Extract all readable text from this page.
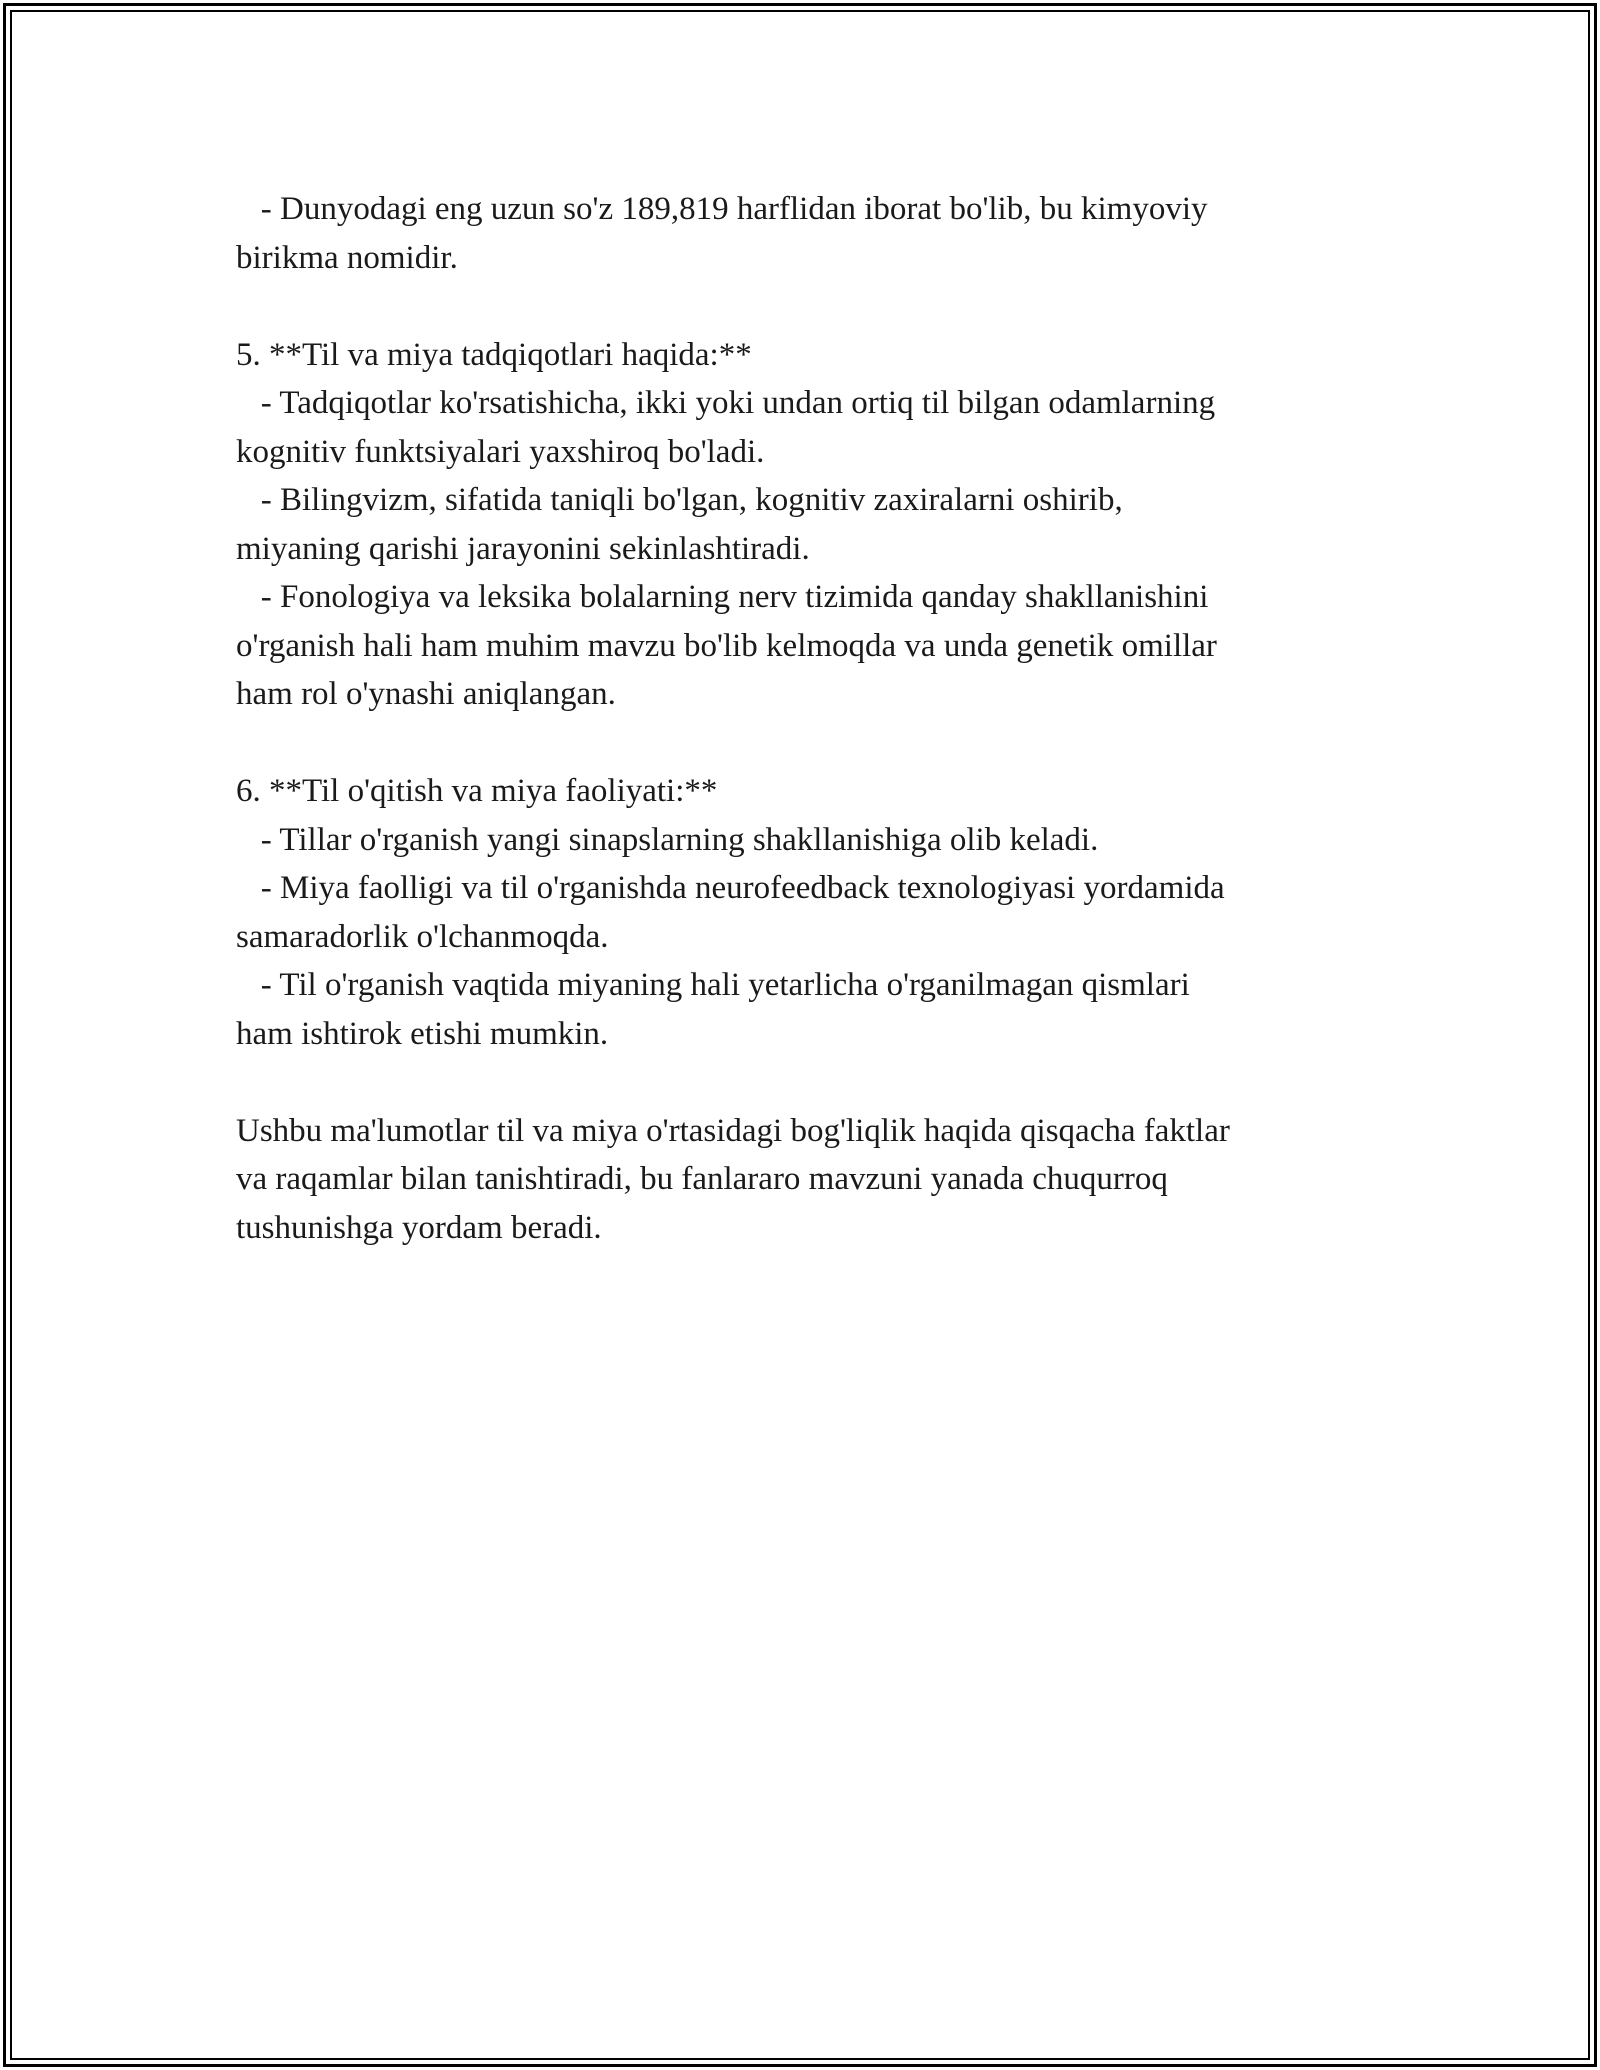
- Dunyodagi eng uzun so'z 189,819 harflidan iborat bo'lib, bu kimyoviy
birikma nomidir.
5. **Til va miya tadqiqotlari haqida:**
- Tadqiqotlar ko'rsatishicha, ikki yoki undan ortiq til bilgan odamlarning
kognitiv funktsiyalari yaxshiroq bo'ladi.
- Bilingvizm, sifatida taniqli bo'lgan, kognitiv zaxiralarni oshirib,
miyaning qarishi jarayonini sekinlashtiradi.
- Fonologiya va leksika bolalarning nerv tizimida qanday shakllanishini
o'rganish hali ham muhim mavzu bo'lib kelmoqda va unda genetik omillar
ham rol o'ynashi aniqlangan.
6. **Til o'qitish va miya faoliyati:**
- Tillar o'rganish yangi sinapslarning shakllanishiga olib keladi.
- Miya faolligi va til o'rganishda neurofeedback texnologiyasi yordamida
samaradorlik o'lchanmoqda.
- Til o'rganish vaqtida miyaning hali yetarlicha o'rganilmagan qismlari
ham ishtirok etishi mumkin.
Ushbu ma'lumotlar til va miya o'rtasidagi bog'liqlik haqida qisqacha faktlar
va raqamlar bilan tanishtiradi, bu fanlararo mavzuni yanada chuqurroq
tushunishga yordam beradi.
